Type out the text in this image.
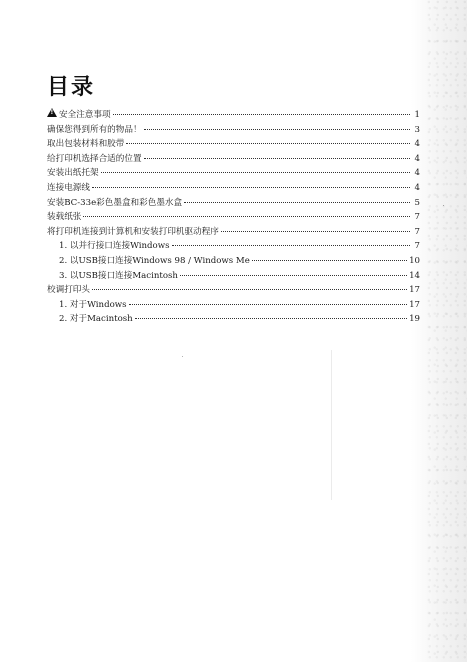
目录
!
安全注意事项	1
确保您得到所有的物品！	3
取出包装材料和胶带	4
给打印机选择合适的位置	4
安装出纸托架	4
连接电源线	4
安装BC-33e彩色墨盒和彩色墨水盒	5
装载纸张	7
将打印机连接到计算机和安装打印机驱动程序	7
1. 以并行接口连接Windows	7
2. 以USB接口连接Windows 98 / Windows Me	10
3. 以USB接口连接Macintosh	14
校调打印头	17
1. 对于Windows	17
2. 对于Macintosh	19
